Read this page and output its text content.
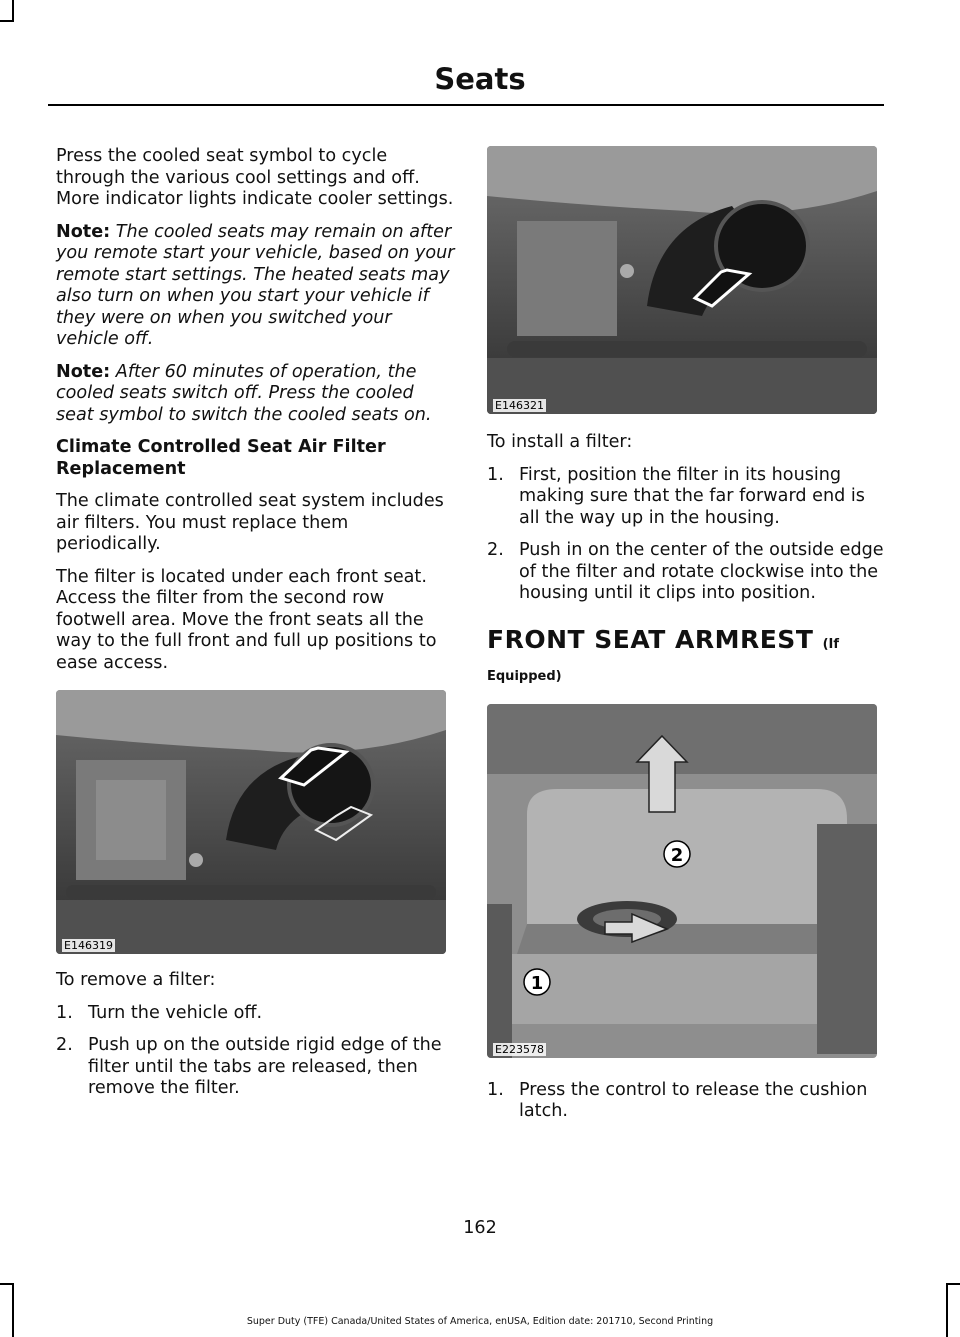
Seats

Press the cooled seat symbol to cycle through the various cool settings and off. More indicator lights indicate cooler settings.

Note: The cooled seats may remain on after you remote start your vehicle, based on your remote start settings. The heated seats may also turn on when you start your vehicle if they were on when you switched your vehicle off.

Note: After 60 minutes of operation, the cooled seats switch off. Press the cooled seat symbol to switch the cooled seats on.

Climate Controlled Seat Air Filter Replacement

The climate controlled seat system includes air filters. You must replace them periodically.

The filter is located under each front seat. Access the filter from the second row footwell area. Move the front seats all the way to the full front and full up positions to ease access.

E146319

To remove a filter:

1. Turn the vehicle off.
2. Push up on the outside rigid edge of the filter until the tabs are released, then remove the filter.
E146321

To install a filter:

1. First, position the filter in its housing making sure that the far forward end is all the way up in the housing.
2. Push in on the center of the outside edge of the filter and rotate clockwise into the housing until it clips into position.
FRONT SEAT ARMREST (If
Equipped)
2
1
E223578
1. Press the control to release the cushion latch.
162
Super Duty (TFE) Canada/United States of America, enUSA, Edition date: 201710, Second Printing
